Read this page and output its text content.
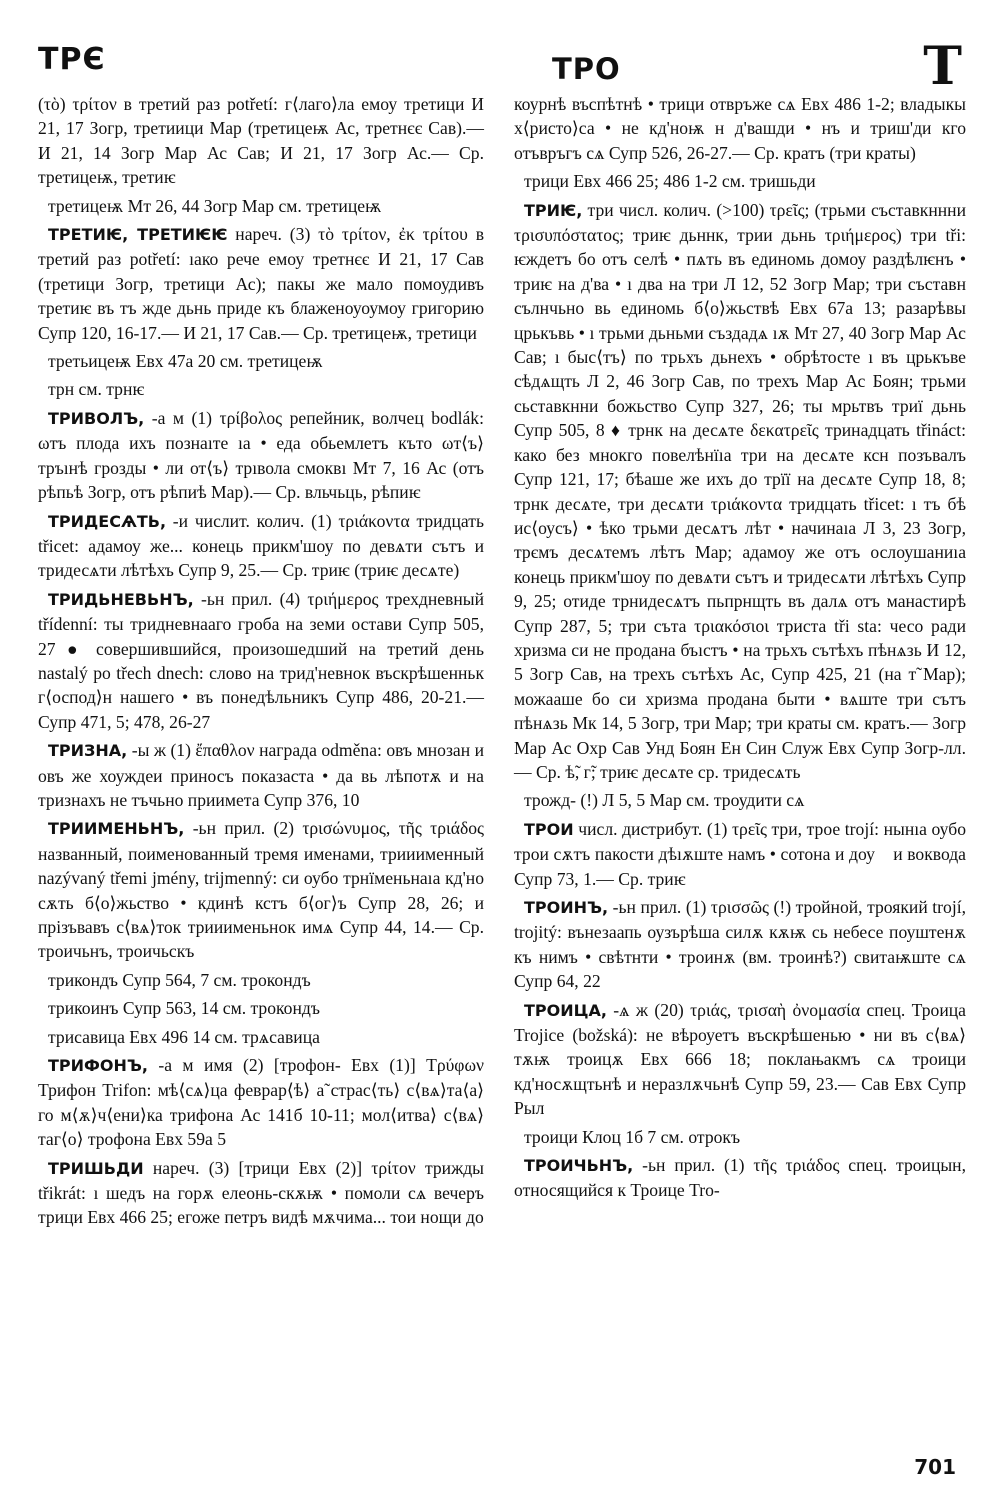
ТРЄ	ТРО	Т

(τὸ) τρίτον в третий раз potřetí: г⟨лаго⟩ла емоу третици И 21, 17 Зогр, третиици Мар (третицеѭ Ас, третнєє Сав).— И 21, 14 Зогр Мар Ас Сав; И 21, 17 Зогр Ас.— Ср. третицеѭ, третиѥ

третицеѭ Мт 26, 44 Зогр Мар см. третицеѭ

ТРЕТИѤ, ТРЕТИѤѤ нареч. (3) τὸ τρίτον, ἐκ τρίτου в третий раз potřetí: ıако рече емоу третнєє И 21, 17 Сав (третици Зогр, третици Ас); пакы же мало помоудивъ третиѥ въ тъ жде дьнь приде къ блаженоуоумоу григорию Супр 120, 16-17.— И 21, 17 Сав.— Ср. третицеѭ, третици

третьицеѭ Евх 47а 20 см. третицеѭ

трн см. трнѥ

ТРИВОЛЪ, -а м (1) τρίβολος репейник, волчец bodlák: ωтъ плода ихъ познаıте ıа • еда обьемлетъ къто ωт⟨ъ⟩ тръıнѣ грозды • ли от⟨ъ⟩ трıвола смоквı Мт 7, 16 Ас (отъ рѣпьѣ Зогр, отъ рѣпиѣ Мар).— Ср. вльчьць, рѣпиѥ

ТРИДЕСѦТЬ, -и числит. колич. (1) τριάκοντα тридцать třicet: адамоу же... конець прикм'шоу по девѧти сътъ и тридесѧти лѣтѣхъ Супр 9, 25.— Ср. триѥ (триѥ десѧте)

ТРИДЬНЕВЬНЪ, -ьн прил. (4) τριήμερος трехдневный třídenní: ты тридневнааго гроба на земи остави Супр 505, 27 ● совершившийся, произошедший на третий день nastalý po třech dnech: слово на трид'невнок въскрѣшенньк г⟨оспод⟩н нашего • въ понедѣльникъ Супр 486, 20-21.— Супр 471, 5; 478, 26-27

ТРИЗНА, -ы ж (1) ἔπαθλον награда odměna: овъ мнозан и овъ же хоуждеи приносъ показаста • да вь лѣпотѫ и на тризнахъ не тъчьно приимета Супр 376, 10

ТРИИМЕНЬНЪ, -ьн прил. (2) τρισώνυμος, τῆς τριάδος названный, поименованный тремя именами, трииименный nazývaný třemi jmény, trijmenný: си оубо трнїменьнаıа кд'но сѫть б⟨о⟩жьство • кдинѣ кстъ б⟨ог⟩ъ Супр 28, 26; и прiзъвавъ с⟨вѧ⟩ток трииименьнок имѧ Супр 44, 14.— Ср. троичьнъ, троичьскъ

трикондъ Супр 564, 7 см. трокондъ

трикоинъ Супр 563, 14 см. трокондъ

трисавица Евх 496 14 см. трѧсавица

ТРИФОНЪ, -а м имя (2) [трофон- Евх (1)] Τρύφων Трифон Trifon: мѣ⟨сѧ⟩ца феврар⟨ѣ⟩ а̃ страс⟨ть⟩ с⟨вѧ⟩та⟨а⟩го м⟨ѫ⟩ч⟨ени⟩ка трифона Ас 141б 10-11; мол⟨итва⟩ с⟨вѧ⟩таг⟨о⟩ трофона Евх 59а 5

ТРИШЬДИ нареч. (3) [трици Евх (2)] τρίτον трижды třikrát: ı шедъ на горѫ елеонь-скѫѭ • помоли сѧ вечеръ трици Евх 466 25; егоже петръ видѣ мѫчима... тои нощи до

коурнѣ въспѣтнѣ • трици отвръже сѧ Евх 486 1-2; владыкы х⟨ристо⟩са • не кд'ноѭ н д'вашди • нъ и триш'ди кго отъвръгъ сѧ Супр 526, 26-27.— Ср. кратъ (три краты)

трици Евх 466 25; 486 1-2 см. тришьди

ТРИѤ, три числ. колич. (>100) τρεῖς; (трьми съставкннни τρισυπόστατος; триѥ дьннк, трии дьнь τριήμερος) три tři: ѥждетъ бо отъ селѣ • пѧть въ единомь домоу раздѣлѥнъ • триѥ на д'ва • ı два на три Л 12, 52 Зогр Мар; три съставн сълнчьно вь единомь б⟨о⟩жьствѣ Евх 67а 13; разарѣвы црькъвь • ı трьми дьньми създадѧ ıѫ Мт 27, 40 Зогр Мар Ас Сав; ı быс⟨тъ⟩ по трьхъ дьнехъ • обрѣтосте ı въ црькъве сѣдѧщть Л 2, 46 Зогр Сав, по трехъ Мар Ас Боян; трьми сьставкнни божьство Супр 327, 26; ты мрьтвъ триї дьнь Супр 505, 8 ♦ трнк на десѧте δεκατρεῖς тринадцать třináct: како без мнокго повелѣнїıа три на десѧте ксн позъвалъ Супр 121, 17; бѣаше же ихъ до трїї на десѧте Супр 18, 8; трнк десѧте, три десѧти τριάκοντα тридцать třicet: ı тъ бѣ ис⟨оусъ⟩ • ѣко трьми десѧтъ лѣт • начинаıа Л 3, 23 Зогр, трємъ десѧтемъ лѣтъ Мар; адамоу же отъ ослоушаниıа конець прикм'шоу по девѧти сътъ и тридесѧти лѣтѣхъ Супр 9, 25; отиде трнидесѧтъ пьпрнщть въ далѧ отъ манастирѣ Супр 287, 5; три съта τριακόσιοι триста tři sta: чесо ради хризма си не продана бъıстъ • на трьхъ сътѣхъ пѣнѧзь И 12, 5 Зогр Сав, на трехъ сътѣхъ Ас, Супр 425, 21 (на т̃ Мар); можааше бо си хризма продана быти • вѧште три сътъ пѣнѧзь Мк 14, 5 Зогр, три Мар; три краты см. кратъ.— Зогр Мар Ас Охр Сав Унд Боян Ен Син Служ Евх Супр Зогр-лл.— Ср. ѣ̃, г̃; триѥ десѧте ср. тридесѧть

трожд- (!) Л 5, 5 Мар см. троудити сѧ

ТРОИ числ. дистрибут. (1) τρεῖς три, трое trojí: нынıа оубо трои сѫтъ пакости дѣıѫште намъ • сотона и доуⷯ и воквода Супр 73, 1.— Ср. триѥ

ТРОИНЪ, -ьн прил. (1) τρισσῶς (!) тройной, троякий trojí, trojitý: вънезаапь оузърѣша силѫ кѫѭ сь небесе поуштенѫ къ нимъ • свѣтнти • троинѫ (вм. троинѣ?) свитаѭште сѧ Супр 64, 22

ТРОИЦА, -ѧ ж (20) τριάς, τρισαὴ ὀνομασία спец. Троица Trojice (božská): не вѣроуетъ въскрѣшенью • ни въ с⟨вѧ⟩тѫѭ троицѫ Евх 666 18; поклањакмъ сѧ троици кд'носѫщтьнѣ и неразлѫчьнѣ Супр 59, 23.— Сав Евх Супр Рыл

троици Клоц 1б 7 см. отрокъ

ТРОИЧЬНЪ, -ьн прил. (1) τῆς τριάδος спец. троицын, относящийся к Троице Tro-

701
